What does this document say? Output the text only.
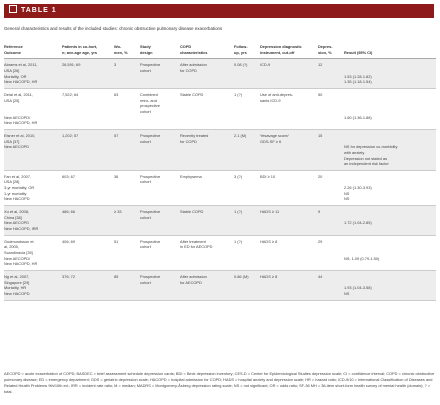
TABLE 1
General characteristics and results of the included studies: chronic obstructive pulmonary disease exacerbations
Reference
Outcome	Patients in co-hort,
n; ave-age age, yrs	Wo-
men, %	Study
design	COPD
characteristics	Follow-
up, yrs	Depression diagnostic
instrument, cut-off	Depres-
sion, %	Result (95% CI)
Abrams et al, 2011,	26,591; 69	3	Prospective	After admission	0.08 (?)	ICD-9	12	
USA [26]			cohort	for COPD				
Mortality, OR								1.53 (1.28-1.82)
New HACOPD, HR								1.35 (1.18-1.54)
Delal et al, 2011,	7,522; 64	63	Combined	Stable COPD	1 (?)	Use of anti-depres-	50	
USA [25]			retro- and			sants ICD-9		
			prospective					
			cohort					
New AECOPD/								1.60 (1.36-1.88)
New HACOPD, HR								
Eisner et al, 2010,	1,202; 57	57	Prospective	Recently treated	2.1 (M)	Yesavage score/	15	
USA [37]			cohort	for COPD		GDS-SF ≥ 6		
New AECOPD								NS for depression co-morbidity
								with anxiety
								Depression not stated as
								an independent risk factor
Fan et al, 2007,	603; 67	36	Prospective	Emphysema	3 (?)	BDI ≥ 10	20	
USA [28]			cohort					
3-yr mortality, OR								2.26 (1.30-3.93)
1-yr mortality								NS
New HACOPD								NS
Xu et al, 2008,	486; 66	≥ 33	Prospective	Stable COPD	1 (?)	HADS ≥ 11	9	
China [38]			cohort					
New AECOPD								1.72 (1.04-2.85)
New HACOPD, IRR								
Gudmundsson et	406; 69	51	Prospective	After treatment	1 (?)	HADS ≥ 8	29	
al, 2005,			cohort	in ED for AECOPD				
Scandinavia [39]								
New AECOPD/								NS; 1.09 (0.79-1.50)
New HACOPD, HR								
Ng et al, 2007,	376; 72	85	Prospective	After admission	0.86 (M)	HADS ≥ 8	44	
Singapore [29]			cohort	for AECOPD				
Mortality, HR								1.93 (1.04-3.58)
New HACOPD								NS
AECOPD = acute exacerbation of COPD; BASDEC = brief assessment schedule depression cards; BDI = Beck depression inventory; CES-D = Center for Epidemiological Studies depression scale; CI = confidence interval; COPD = chronic obstructive pulmonary disease; ED = emergency department; GDS = geriatric depression scale; HACOPD = hospital admission for COPD; HADS = hospital anxiety and depression scale; HR = hazard ratio; ICD-9/10 = International Classification of Diseases and Related Health Problems 9th/10th ed.; IRR = incident rate ratio; M = median; MADRS = Montgomery-Åsberg depression rating scale; NS = not significant; OR = odds ratio; SF-36 MH = 36-item short-form health survey of mental health (domain); ? = total.
